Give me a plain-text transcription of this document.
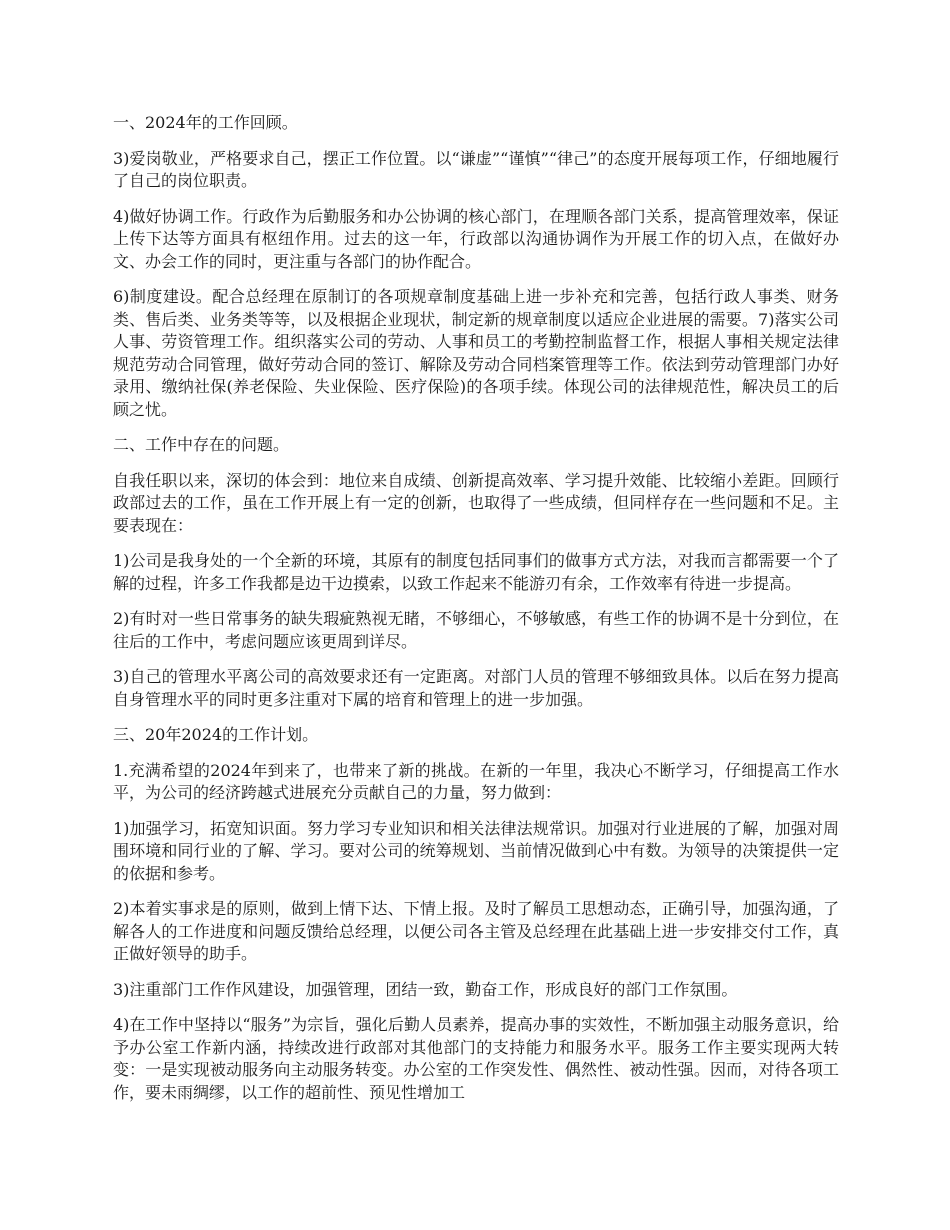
一、2024年的工作回顾。

3)爱岗敬业，严格要求自己，摆正工作位置。以“谦虚”“谨慎”“律己”的态度开展每项工作，仔细地履行了自己的岗位职责。

4)做好协调工作。行政作为后勤服务和办公协调的核心部门，在理顺各部门关系，提高管理效率，保证上传下达等方面具有枢纽作用。过去的这一年，行政部以沟通协调作为开展工作的切入点，在做好办文、办会工作的同时，更注重与各部门的协作配合。

6)制度建设。配合总经理在原制订的各项规章制度基础上进一步补充和完善，包括行政人事类、财务类、售后类、业务类等等，以及根据企业现状，制定新的规章制度以适应企业进展的需要。7)落实公司人事、劳资管理工作。组织落实公司的劳动、人事和员工的考勤控制监督工作，根据人事相关规定法律规范劳动合同管理，做好劳动合同的签订、解除及劳动合同档案管理等工作。依法到劳动管理部门办好录用、缴纳社保(养老保险、失业保险、医疗保险)的各项手续。体现公司的法律规范性，解决员工的后顾之忧。

二、工作中存在的问题。

自我任职以来，深切的体会到：地位来自成绩、创新提高效率、学习提升效能、比较缩小差距。回顾行政部过去的工作，虽在工作开展上有一定的创新，也取得了一些成绩，但同样存在一些问题和不足。主要表现在：

1)公司是我身处的一个全新的环境，其原有的制度包括同事们的做事方式方法，对我而言都需要一个了解的过程，许多工作我都是边干边摸索，以致工作起来不能游刃有余，工作效率有待进一步提高。

2)有时对一些日常事务的缺失瑕疵熟视无睹，不够细心，不够敏感，有些工作的协调不是十分到位，在往后的工作中，考虑问题应该更周到详尽。

3)自己的管理水平离公司的高效要求还有一定距离。对部门人员的管理不够细致具体。以后在努力提高自身管理水平的同时更多注重对下属的培育和管理上的进一步加强。

三、20年2024的工作计划。

1.充满希望的2024年到来了，也带来了新的挑战。在新的一年里，我决心不断学习，仔细提高工作水平，为公司的经济跨越式进展充分贡献自己的力量，努力做到：

1)加强学习，拓宽知识面。努力学习专业知识和相关法律法规常识。加强对行业进展的了解，加强对周围环境和同行业的了解、学习。要对公司的统筹规划、当前情况做到心中有数。为领导的决策提供一定的依据和参考。

2)本着实事求是的原则，做到上情下达、下情上报。及时了解员工思想动态，正确引导，加强沟通，了解各人的工作进度和问题反馈给总经理，以便公司各主管及总经理在此基础上进一步安排交付工作，真正做好领导的助手。

3)注重部门工作作风建设，加强管理，团结一致，勤奋工作，形成良好的部门工作氛围。

4)在工作中坚持以“服务”为宗旨，强化后勤人员素养，提高办事的实效性，不断加强主动服务意识，给予办公室工作新内涵，持续改进行政部对其他部门的支持能力和服务水平。服务工作主要实现两大转变：一是实现被动服务向主动服务转变。办公室的工作突发性、偶然性、被动性强。因而，对待各项工作，要未雨绸缪，以工作的超前性、预见性增加工
